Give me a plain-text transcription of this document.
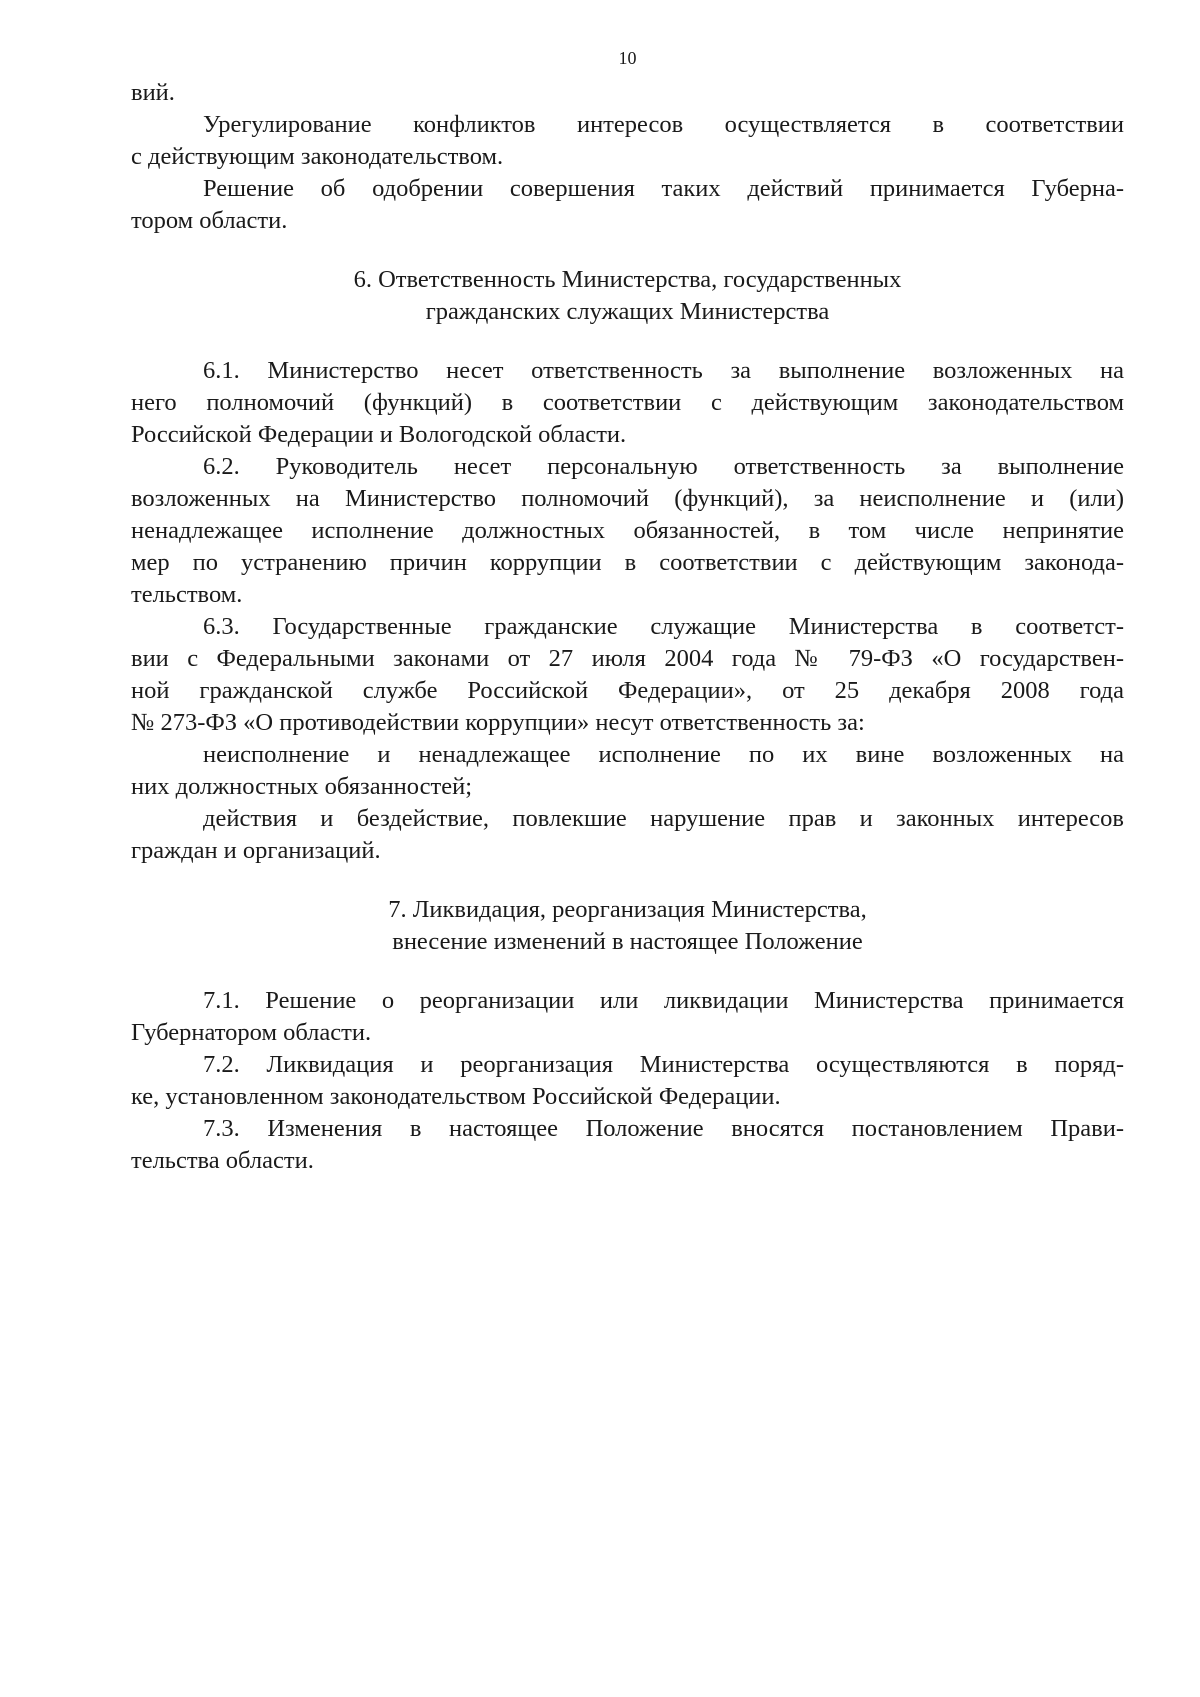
10
вий.
Урегулирование конфликтов интересов осуществляется в соответствии
с действующим законодательством.
Решение об одобрении совершения таких действий принимается Губерна-
тором области.
6. Ответственность Министерства, государственных
гражданских служащих Министерства
6.1. Министерство несет ответственность за выполнение возложенных на
него полномочий (функций) в соответствии с действующим законодательством
Российской Федерации и Вологодской области.
6.2. Руководитель несет персональную ответственность за выполнение
возложенных на Министерство полномочий (функций), за неисполнение и (или)
ненадлежащее исполнение должностных обязанностей, в том числе непринятие
мер по устранению причин коррупции в соответствии с действующим законода-
тельством.
6.3. Государственные гражданские служащие Министерства в соответст-
вии с Федеральными законами от 27 июля 2004 года № 79-ФЗ «О государствен-
ной гражданской службе Российской Федерации», от 25 декабря 2008 года
№ 273-ФЗ «О противодействии коррупции» несут ответственность за:
неисполнение и ненадлежащее исполнение по их вине возложенных на
них должностных обязанностей;
действия и бездействие, повлекшие нарушение прав и законных интересов
граждан и организаций.
7. Ликвидация, реорганизация Министерства,
внесение изменений в настоящее Положение
7.1. Решение о реорганизации или ликвидации Министерства принимается
Губернатором области.
7.2. Ликвидация и реорганизация Министерства осуществляются в поряд-
ке, установленном законодательством Российской Федерации.
7.3. Изменения в настоящее Положение вносятся постановлением Прави-
тельства области.
